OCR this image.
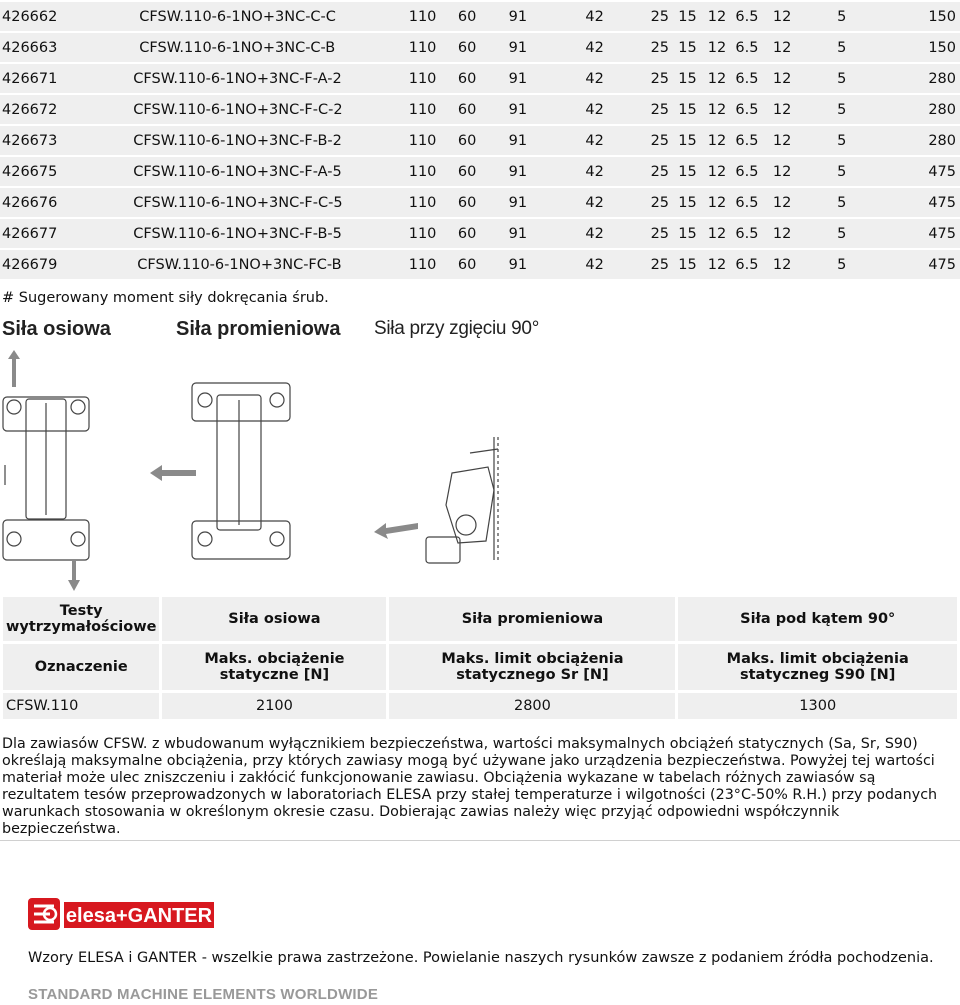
426662	CFSW.110-6-1NO+3NC-C-C	110	60	91	42	25	15	12	6.5	12	5	150
426663	CFSW.110-6-1NO+3NC-C-B	110	60	91	42	25	15	12	6.5	12	5	150
426671	CFSW.110-6-1NO+3NC-F-A-2	110	60	91	42	25	15	12	6.5	12	5	280
426672	CFSW.110-6-1NO+3NC-F-C-2	110	60	91	42	25	15	12	6.5	12	5	280
426673	CFSW.110-6-1NO+3NC-F-B-2	110	60	91	42	25	15	12	6.5	12	5	280
426675	CFSW.110-6-1NO+3NC-F-A-5	110	60	91	42	25	15	12	6.5	12	5	475
426676	CFSW.110-6-1NO+3NC-F-C-5	110	60	91	42	25	15	12	6.5	12	5	475
426677	CFSW.110-6-1NO+3NC-F-B-5	110	60	91	42	25	15	12	6.5	12	5	475
426679	CFSW.110-6-1NO+3NC-FC-B	110	60	91	42	25	15	12	6.5	12	5	475
# Sugerowany moment siły dokręcania śrub.
Siła osiowa	Siła promieniowa Siła przy zgięciu 90°
Testy wytrzymałościowe	Siła osiowa	Siła promieniowa	Siła pod kątem 90°
Oznaczenie	Maks. obciążenie statyczne [N]	Maks. limit obciążenia statycznego Sr [N]	Maks. limit obciążenia statyczneg S90 [N]
CFSW.110	2100	2800	1300

Dla zawiasów CFSW. z wbudowanum wyłącznikiem bezpieczeństwa, wartości maksymalnych obciążeń statycznych (Sa, Sr, S90) określają maksymalne obciążenia, przy których zawiasy mogą być używane jako urządzenia bezpieczeństwa. Powyżej tej wartości materiał może ulec zniszczeniu i zakłócić funkcjonowanie zawiasu. Obciążenia wykazane w tabelach różnych zawiasów są rezultatem tesów przeprowadzonych w laboratoriach ELESA przy stałej temperaturze i wilgotności (23°C-50% R.H.) przy podanych warunkach stosowania w określonym okresie czasu. Dobierając zawias należy więc przyjąć odpowiedni współczynnik bezpieczeństwa.

elesa+GANTER
Wzory ELESA i GANTER - wszelkie prawa zastrzeżone. Powielanie naszych rysunków zawsze z podaniem źródła pochodzenia.
STANDARD MACHINE ELEMENTS WORLDWIDE
